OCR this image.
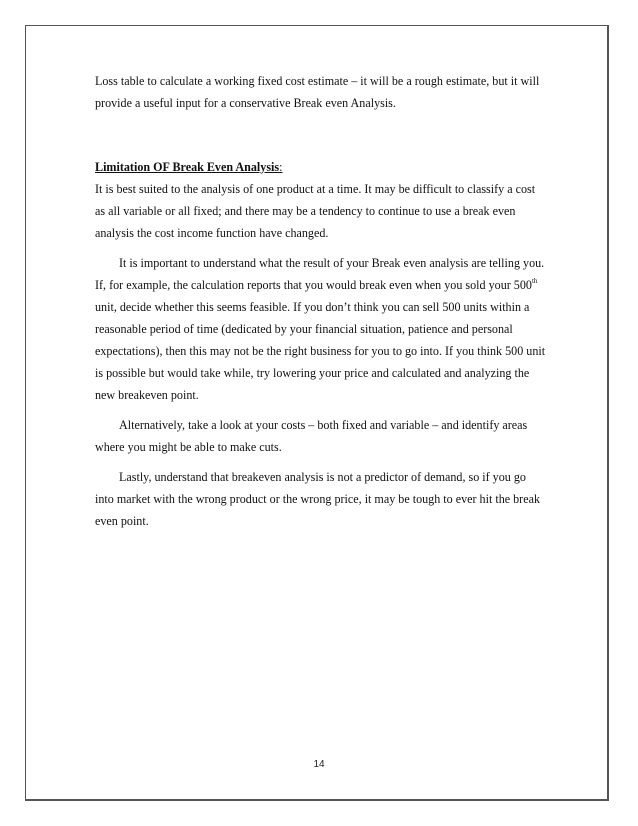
Loss table to calculate a working fixed cost estimate – it will be a rough estimate, but it will
provide a useful input for a conservative Break even Analysis.

Limitation OF Break Even Analysis:

It is best suited to the analysis of one product at a time. It may be difficult to classify a cost
as all variable or all fixed; and there may be a tendency to continue to use a break even
analysis the cost income function have changed.

It is important to understand what the result of your Break even analysis are telling you.
If, for example, the calculation reports that you would break even when you sold your 500th
unit, decide whether this seems feasible. If you don’t think you can sell 500 units within a
reasonable period of time (dedicated by your financial situation, patience and personal
expectations), then this may not be the right business for you to go into. If you think 500 unit
is possible but would take while, try lowering your price and calculated and analyzing the
new breakeven point.

Alternatively, take a look at your costs – both fixed and variable – and identify areas
where you might be able to make cuts.

Lastly, understand that breakeven analysis is not a predictor of demand, so if you go
into market with the wrong product or the wrong price, it may be tough to ever hit the break
even point.

14
